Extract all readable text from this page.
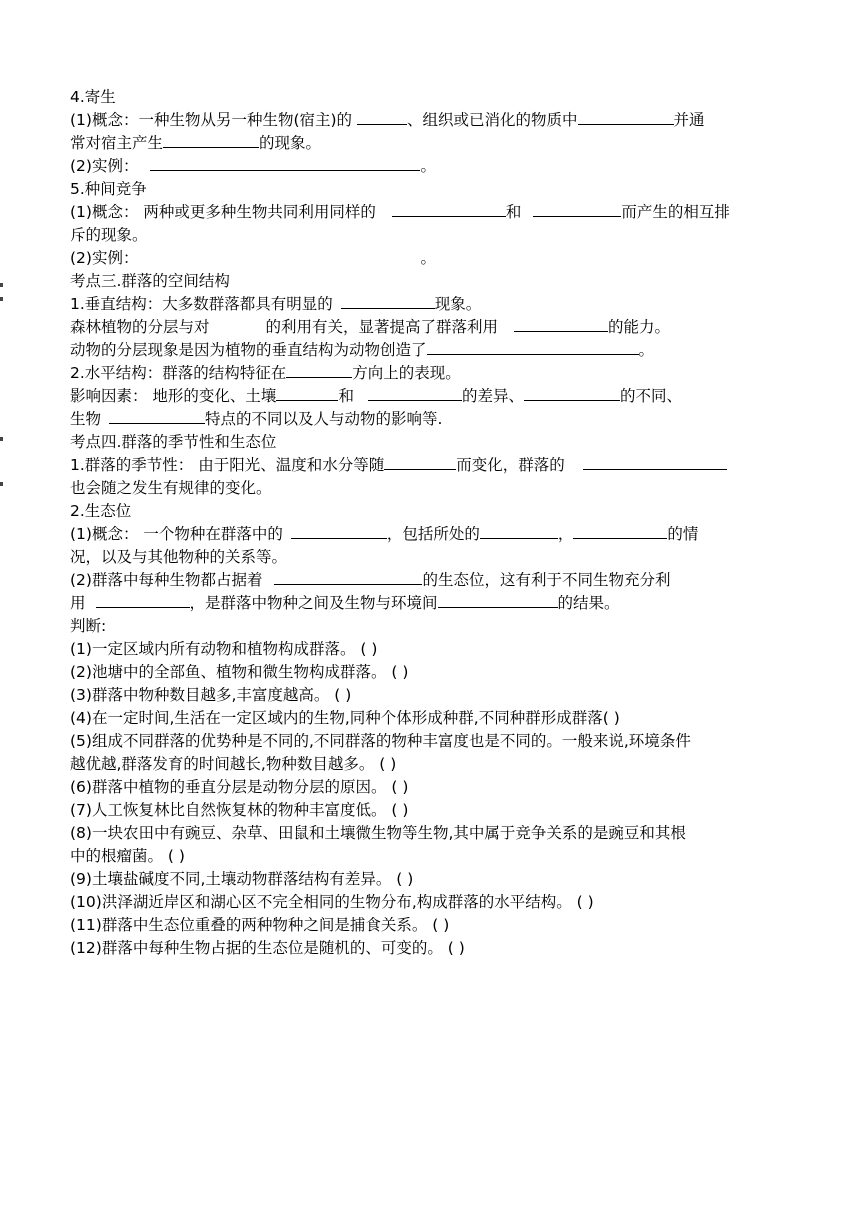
4.寄生
(1)概念：一种生物从另一种生物(宿主)的	、组织或已消化的物质中	并通
常对宿主产生	的现象。
(2)实例：	。
5.种间竞争
(1)概念： 两种或更多种生物共同利用同样的	和	而产生的相互排
斥的现象。
(2)实例：	。
考点三.群落的空间结构
1.垂直结构：大多数群落都具有明显的	现象。
森林植物的分层与对	的利用有关，显著提高了群落利用	的能力。
动物的分层现象是因为植物的垂直结构为动物创造了	。
2.水平结构：群落的结构特征在	方向上的表现。
影响因素： 地形的变化、土壤	和	的差异、	的不同、
生物	特点的不同以及人与动物的影响等.
考点四.群落的季节性和生态位
1.群落的季节性： 由于阳光、温度和水分等随	而变化，群落的
也会随之发生有规律的变化。
2.生态位
(1)概念： 一个物种在群落中的	，包括所处的	，	的情
况，以及与其他物种的关系等。
(2)群落中每种生物都占据着	的生态位，这有利于不同生物充分利
用	，是群落中物种之间及生物与环境间	的结果。
判断:
(1)一定区域内所有动物和植物构成群落。 ( )
(2)池塘中的全部鱼、植物和微生物构成群落。 ( )
(3)群落中物种数目越多,丰富度越高。 ( )
(4)在一定时间,生活在一定区域内的生物,同种个体形成种群,不同种群形成群落( )
(5)组成不同群落的优势种是不同的,不同群落的物种丰富度也是不同的。一般来说,环境条件
越优越,群落发育的时间越长,物种数目越多。 ( )
(6)群落中植物的垂直分层是动物分层的原因。 ( )
(7)人工恢复林比自然恢复林的物种丰富度低。 ( )
(8)一块农田中有豌豆、杂草、田鼠和土壤微生物等生物,其中属于竞争关系的是豌豆和其根
中的根瘤菌。 ( )
(9)土壤盐碱度不同,土壤动物群落结构有差异。 ( )
(10)洪泽湖近岸区和湖心区不完全相同的生物分布,构成群落的水平结构。 ( )
(11)群落中生态位重叠的两种物种之间是捕食关系。 ( )
(12)群落中每种生物占据的生态位是随机的、可变的。 ( )
